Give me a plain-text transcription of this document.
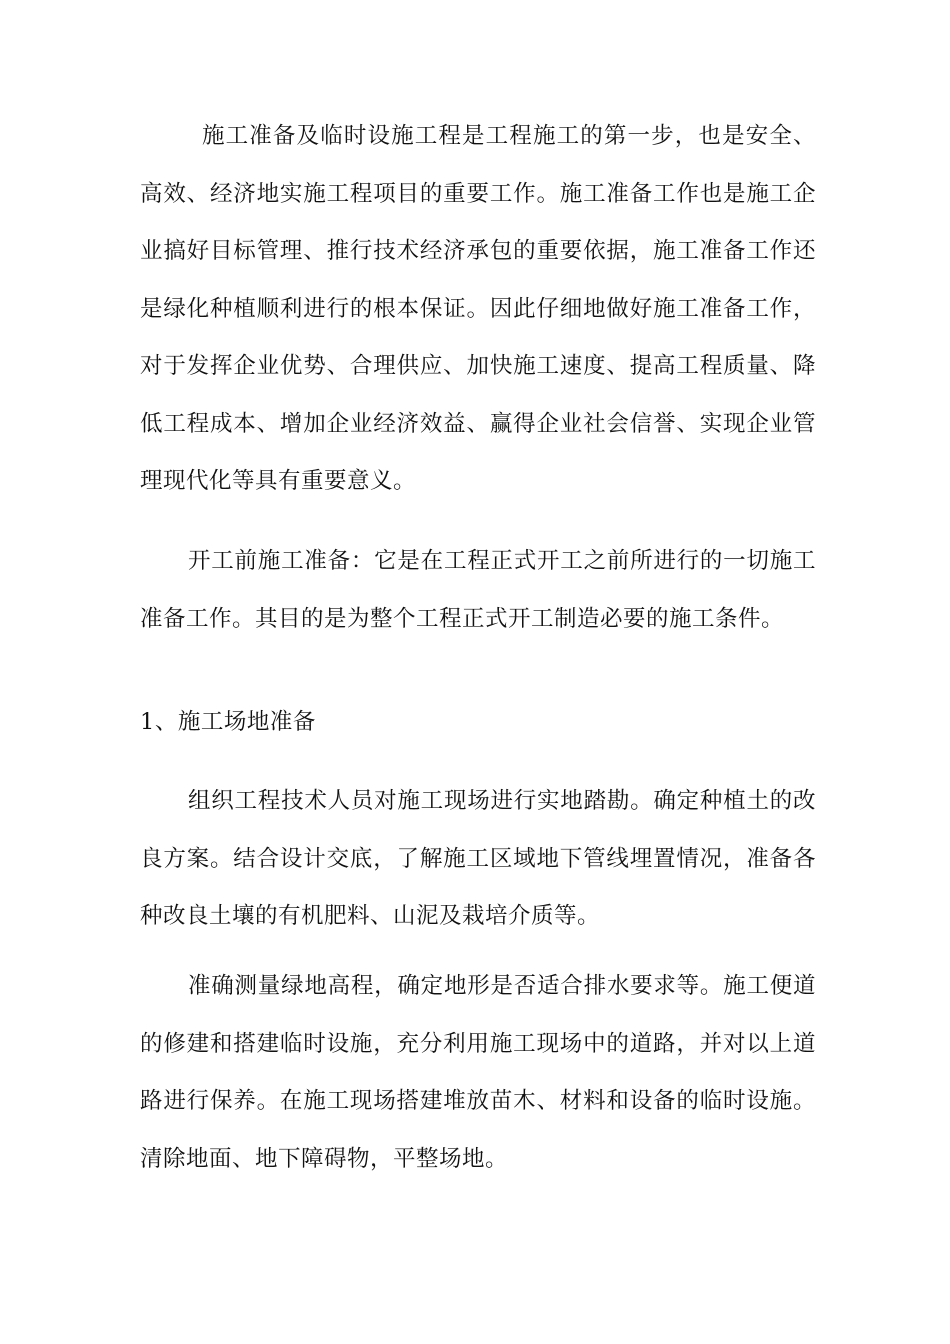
施工准备及临时设施工程是工程施工的第一步，也是安全、高效、经济地实施工程项目的重要工作。施工准备工作也是施工企业搞好目标管理、推行技术经济承包的重要依据，施工准备工作还是绿化种植顺利进行的根本保证。因此仔细地做好施工准备工作，对于发挥企业优势、合理供应、加快施工速度、提高工程质量、降低工程成本、增加企业经济效益、赢得企业社会信誉、实现企业管理现代化等具有重要意义。

开工前施工准备：它是在工程正式开工之前所进行的一切施工准备工作。其目的是为整个工程正式开工制造必要的施工条件。

1、施工场地准备

组织工程技术人员对施工现场进行实地踏勘。确定种植土的改良方案。结合设计交底，了解施工区域地下管线埋置情况，准备各种改良土壤的有机肥料、山泥及栽培介质等。

准确测量绿地高程，确定地形是否适合排水要求等。施工便道的修建和搭建临时设施，充分利用施工现场中的道路，并对以上道路进行保养。在施工现场搭建堆放苗木、材料和设备的临时设施。清除地面、地下障碍物，平整场地。
